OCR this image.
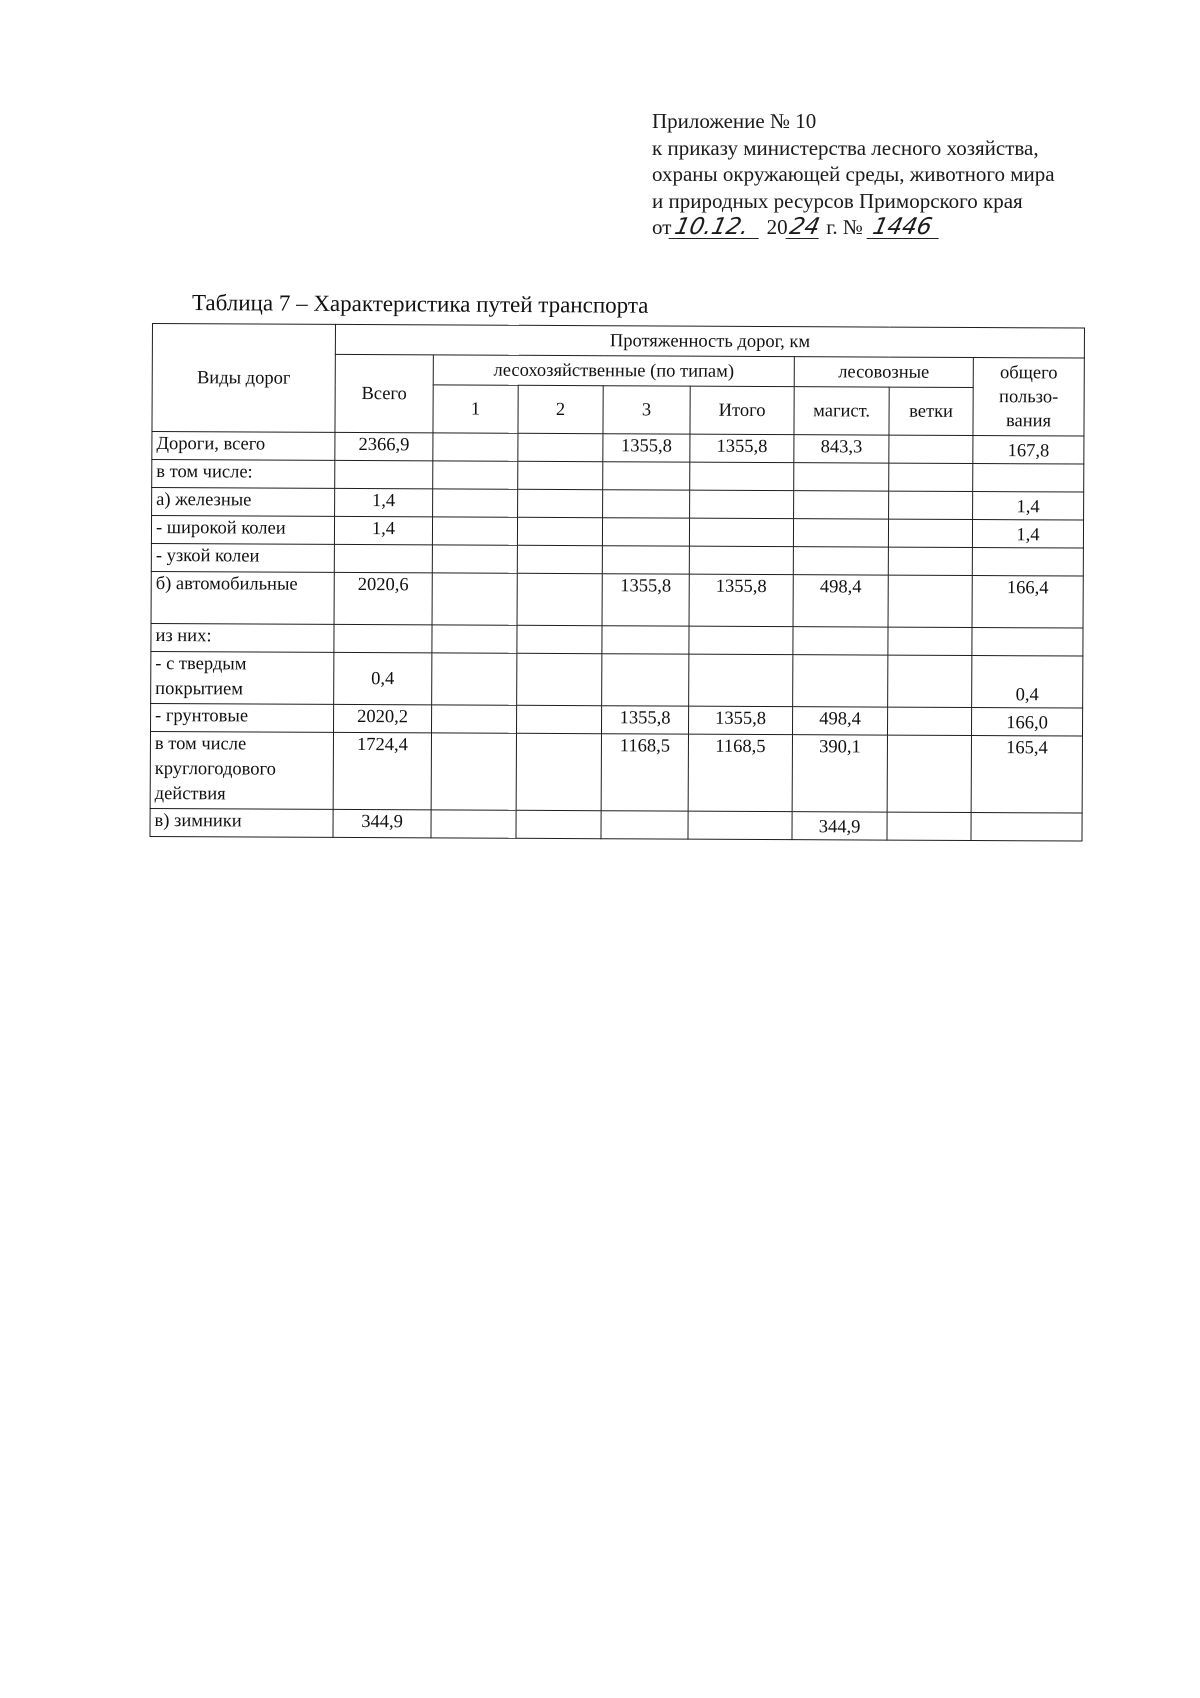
Приложение № 10
к приказу министерства лесного хозяйства,
охраны окружающей среды, животного мира
и природных ресурсов Приморского края
от10.12. 2024 г. № 1446
Таблица 7 – Характеристика путей транспорта
Виды дорог	Протяженность дорог, км							
	Всего	лесохозяйственные (по типам)				лесовозные		общего пользо-вания
		1	2	3	Итого	магист.	ветки	
Дороги, всего	2366,9			1355,8	1355,8	843,3		167,8
в том числе:								
а) железные	1,4							1,4
- широкой колеи	1,4							1,4
- узкой колеи								
б) автомобильные	2020,6			1355,8	1355,8	498,4		166,4
из них:								
- с твердым покрытием	0,4							0,4
- грунтовые	2020,2			1355,8	1355,8	498,4		166,0
в том числе круглогодового действия	1724,4			1168,5	1168,5	390,1		165,4
в) зимники	344,9					344,9		
